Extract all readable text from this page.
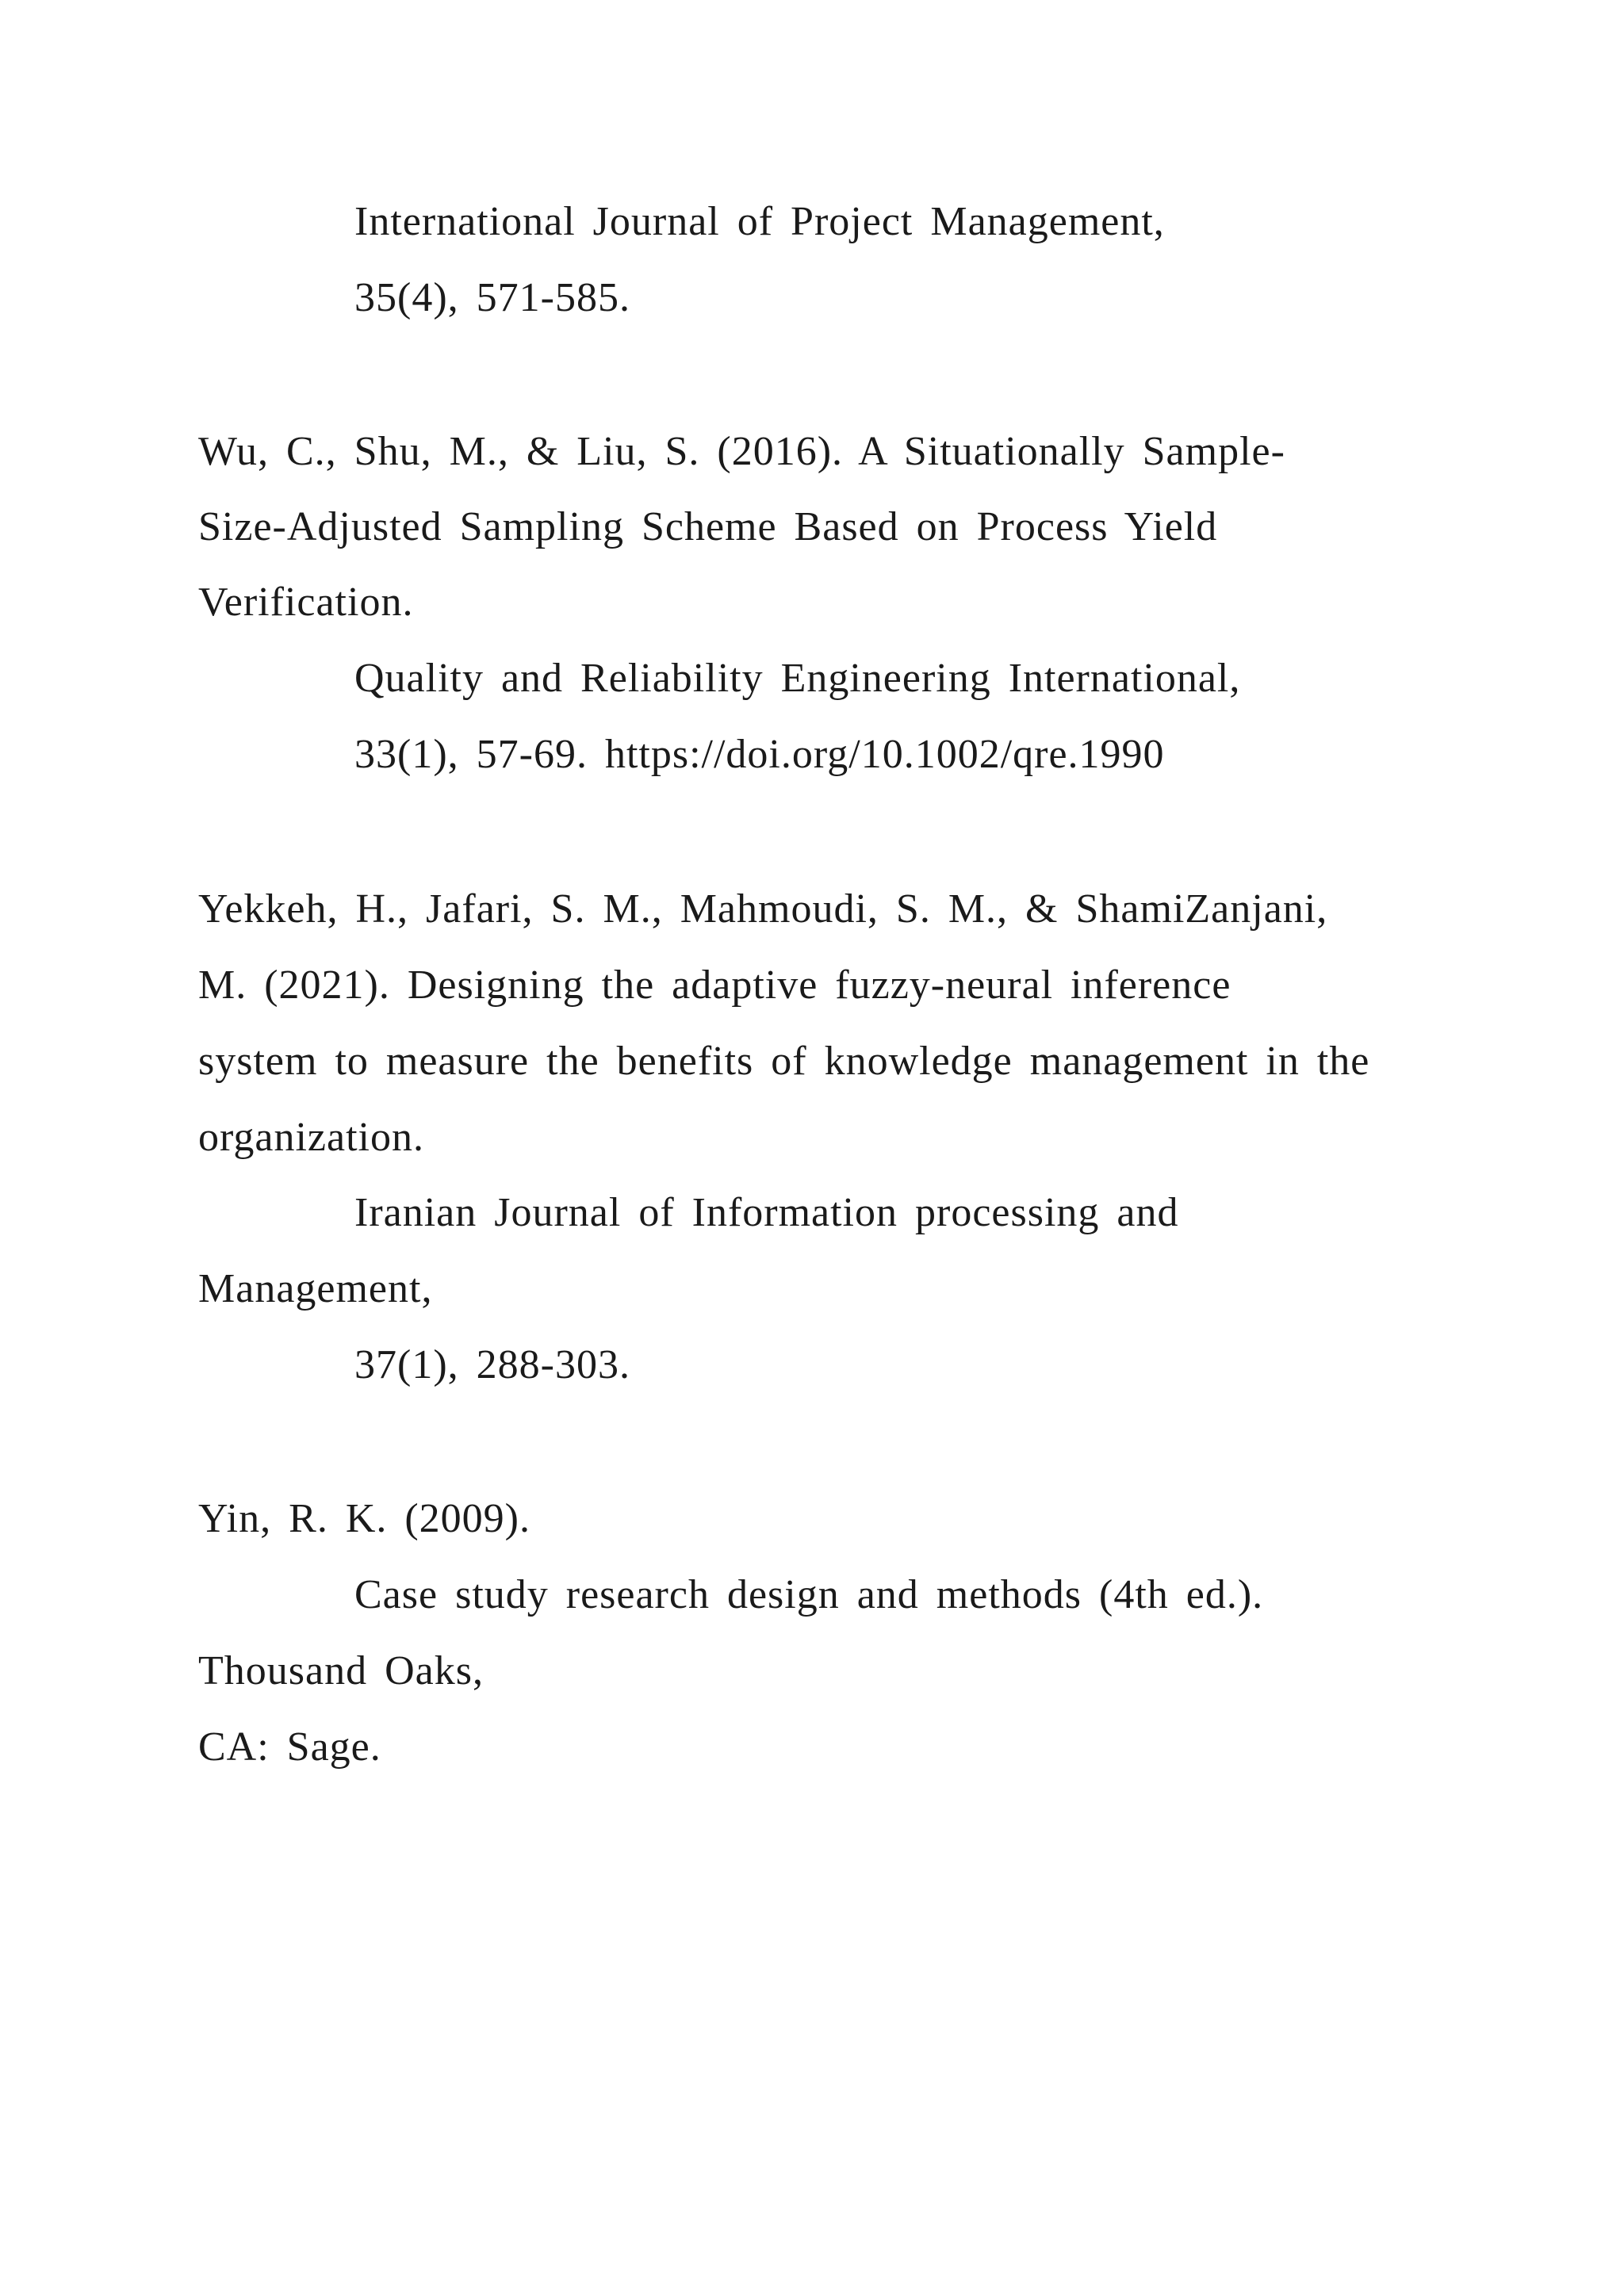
International Journal of Project Management,
35(4), 571-585.
Wu, C., Shu, M., & Liu, S. (2016). A Situationally Sample-
Size-Adjusted Sampling Scheme Based on Process Yield
Verification.
Quality and Reliability Engineering International,
33(1), 57-69. https://doi.org/10.1002/qre.1990
Yekkeh, H., Jafari, S. M., Mahmoudi, S. M., & ShamiZanjani,
M. (2021). Designing the adaptive fuzzy-neural inference
system to measure the benefits of knowledge management in the
organization.
Iranian Journal of Information processing and
Management,
37(1), 288-303.
Yin, R. K. (2009).
Case study research design and methods (4th ed.).
Thousand Oaks,
CA: Sage.
